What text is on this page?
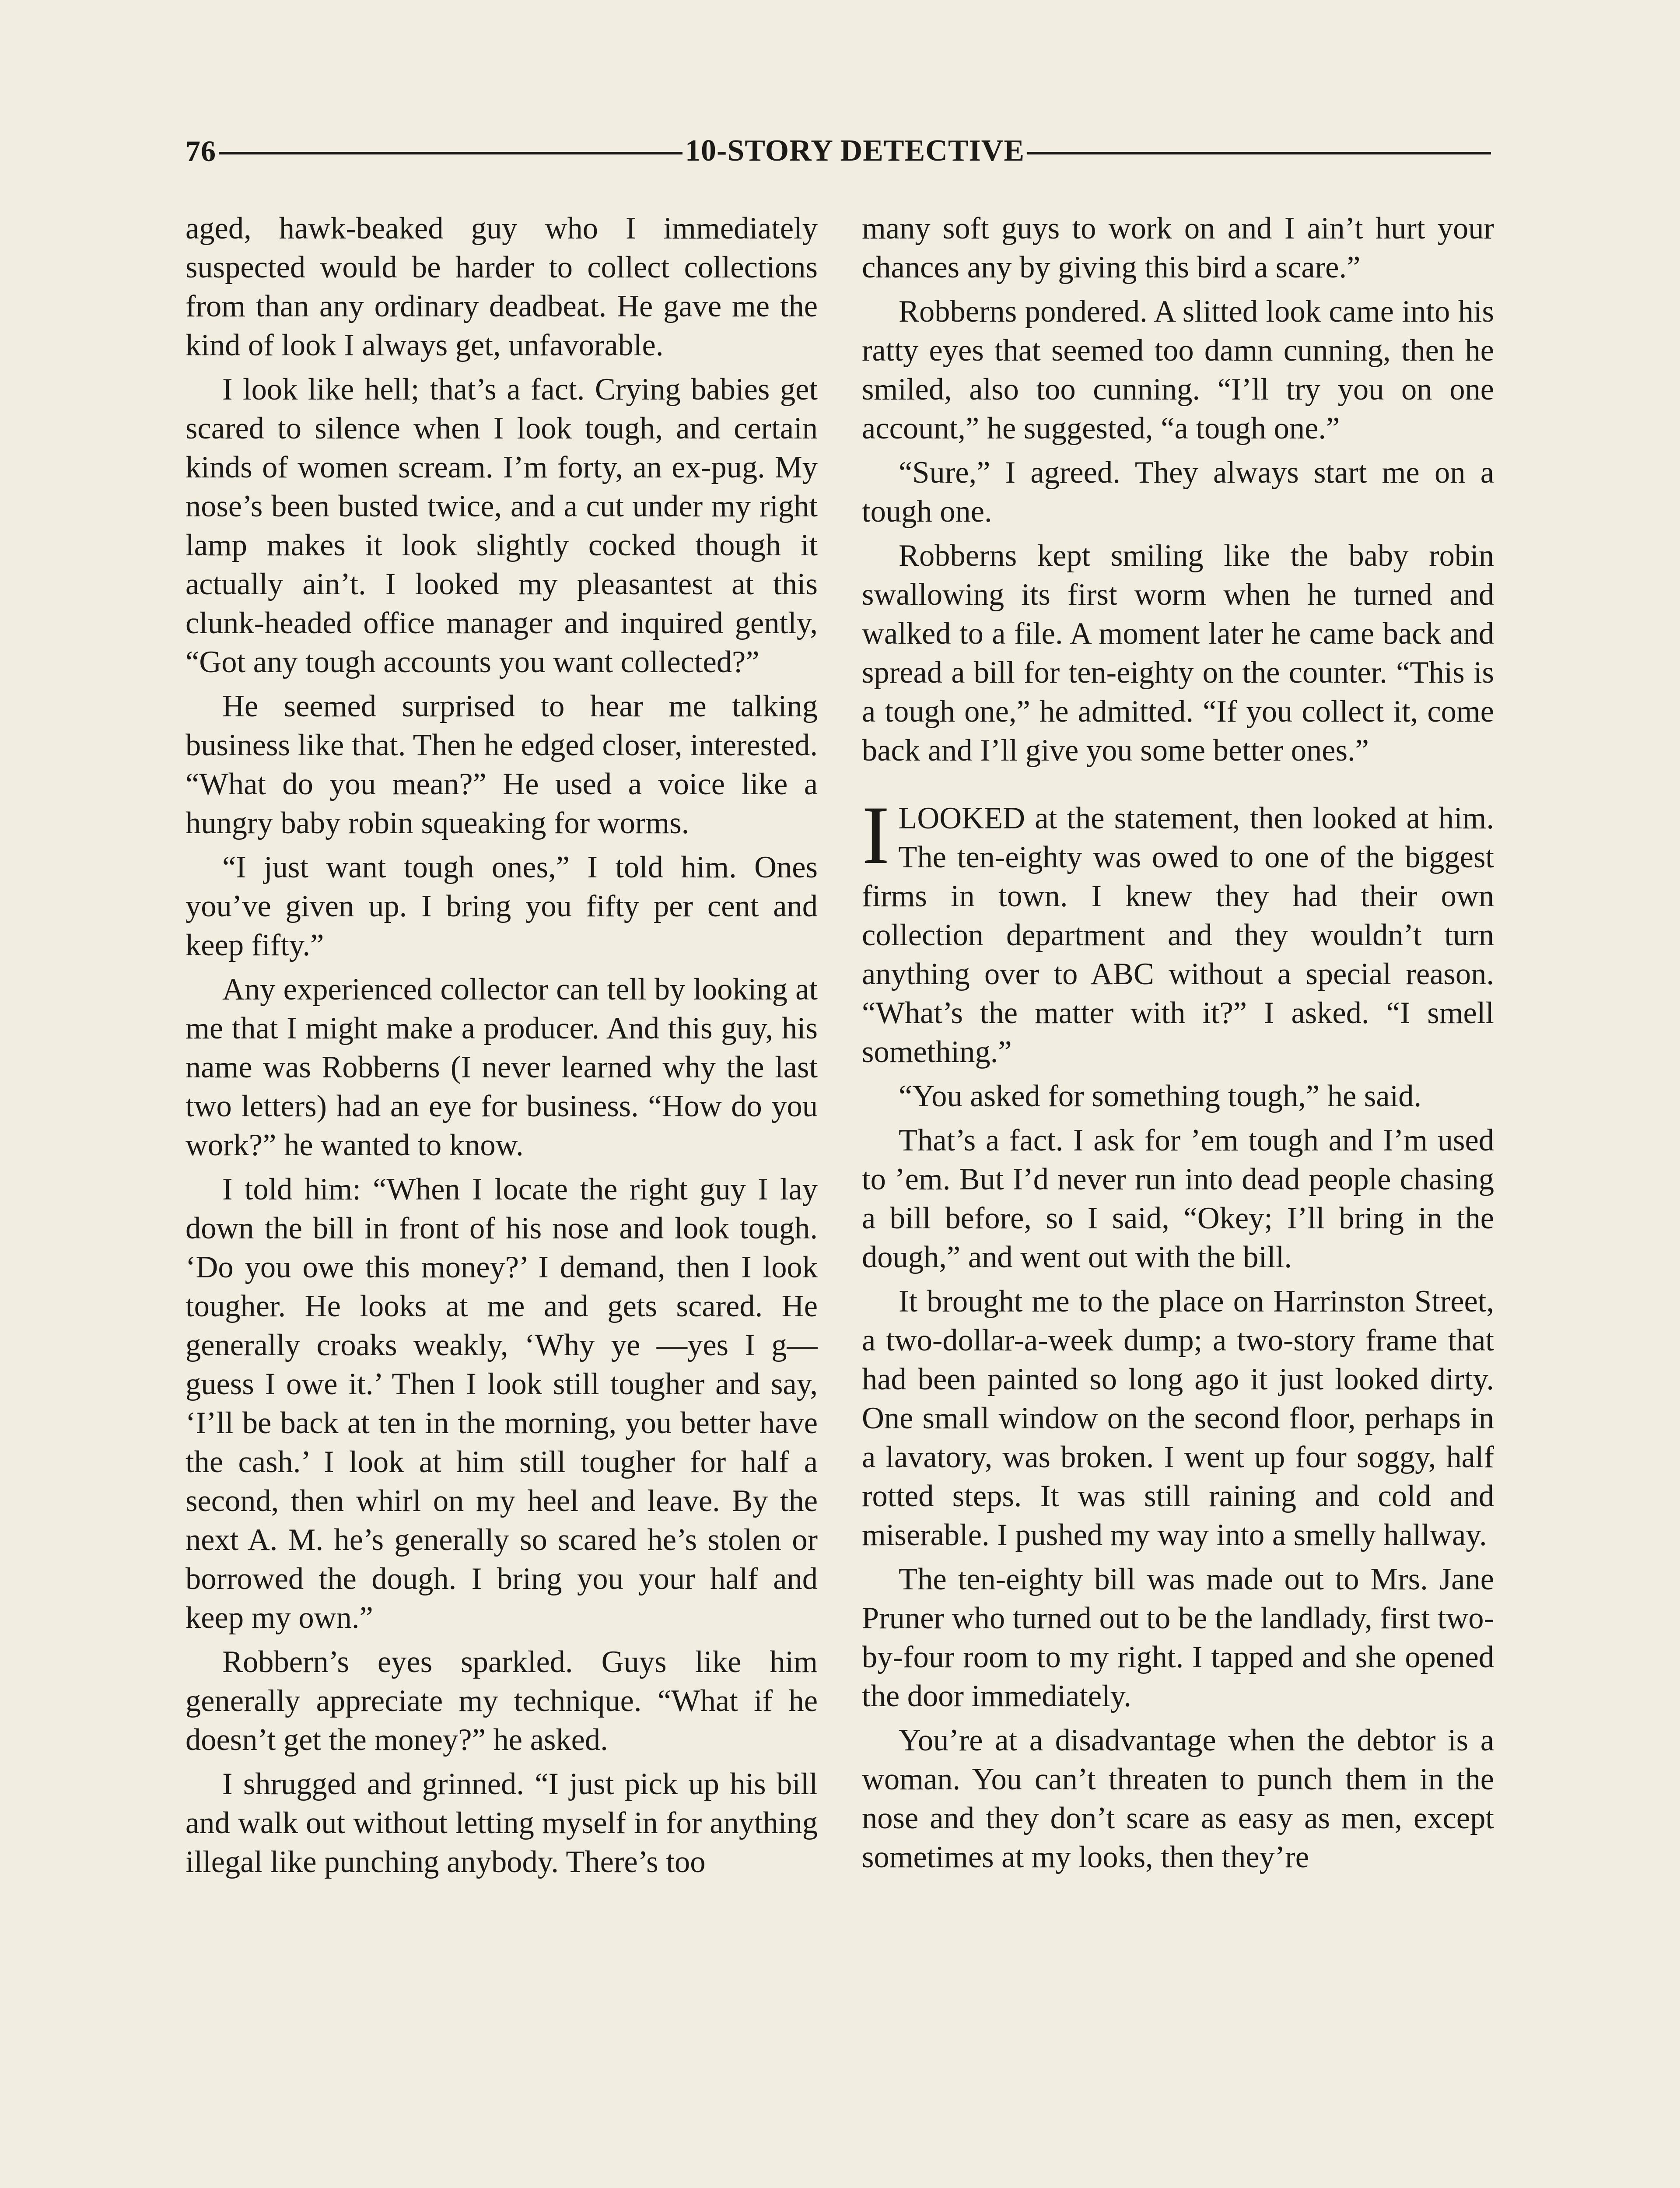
76	10-STORY DETECTIVE

aged, hawk-beaked guy who I immediately suspected would be harder to collect collections from than any ordinary deadbeat. He gave me the kind of look I always get, unfavorable.

I look like hell; that’s a fact. Crying babies get scared to silence when I look tough, and certain kinds of women scream. I’m forty, an ex-pug. My nose’s been busted twice, and a cut under my right lamp makes it look slightly cocked though it actually ain’t. I looked my pleasantest at this clunk-headed office manager and inquired gently, “Got any tough accounts you want collected?”

He seemed surprised to hear me talking business like that. Then he edged closer, interested. “What do you mean?” He used a voice like a hungry baby robin squeaking for worms.

“I just want tough ones,” I told him. Ones you’ve given up. I bring you fifty per cent and keep fifty.”

Any experienced collector can tell by looking at me that I might make a producer. And this guy, his name was Robberns (I never learned why the last two letters) had an eye for business. “How do you work?” he wanted to know.

I told him: “When I locate the right guy I lay down the bill in front of his nose and look tough. ‘Do you owe this money?’ I demand, then I look tougher. He looks at me and gets scared. He generally croaks weakly, ‘Why ye —yes I g—guess I owe it.’ Then I look still tougher and say, ‘I’ll be back at ten in the morning, you better have the cash.’ I look at him still tougher for half a second, then whirl on my heel and leave. By the next A. M. he’s generally so scared he’s stolen or borrowed the dough. I bring you your half and keep my own.”

Robbern’s eyes sparkled. Guys like him generally appreciate my technique. “What if he doesn’t get the money?” he asked.

I shrugged and grinned. “I just pick up his bill and walk out without letting myself in for anything illegal like punching anybody. There’s too

many soft guys to work on and I ain’t hurt your chances any by giving this bird a scare.”

Robberns pondered. A slitted look came into his ratty eyes that seemed too damn cunning, then he smiled, also too cunning. “I’ll try you on one account,” he suggested, “a tough one.”

“Sure,” I agreed. They always start me on a tough one.

Robberns kept smiling like the baby robin swallowing its first worm when he turned and walked to a file. A moment later he came back and spread a bill for ten-eighty on the counter. “This is a tough one,” he admitted. “If you collect it, come back and I’ll give you some better ones.”

I LOOKED at the statement, then looked at him. The ten-eighty was owed to one of the biggest firms in town. I knew they had their own collection department and they wouldn’t turn anything over to ABC without a special reason. “What’s the matter with it?” I asked. “I smell something.”

“You asked for something tough,” he said.

That’s a fact. I ask for ’em tough and I’m used to ’em. But I’d never run into dead people chasing a bill before, so I said, “Okey; I’ll bring in the dough,” and went out with the bill.

It brought me to the place on Harrinston Street, a two-dollar-a-week dump; a two-story frame that had been painted so long ago it just looked dirty. One small window on the second floor, perhaps in a lavatory, was broken. I went up four soggy, half rotted steps. It was still raining and cold and miserable. I pushed my way into a smelly hallway.

The ten-eighty bill was made out to Mrs. Jane Pruner who turned out to be the landlady, first two-by-four room to my right. I tapped and she opened the door immediately.

You’re at a disadvantage when the debtor is a woman. You can’t threaten to punch them in the nose and they don’t scare as easy as men, except sometimes at my looks, then they’re
